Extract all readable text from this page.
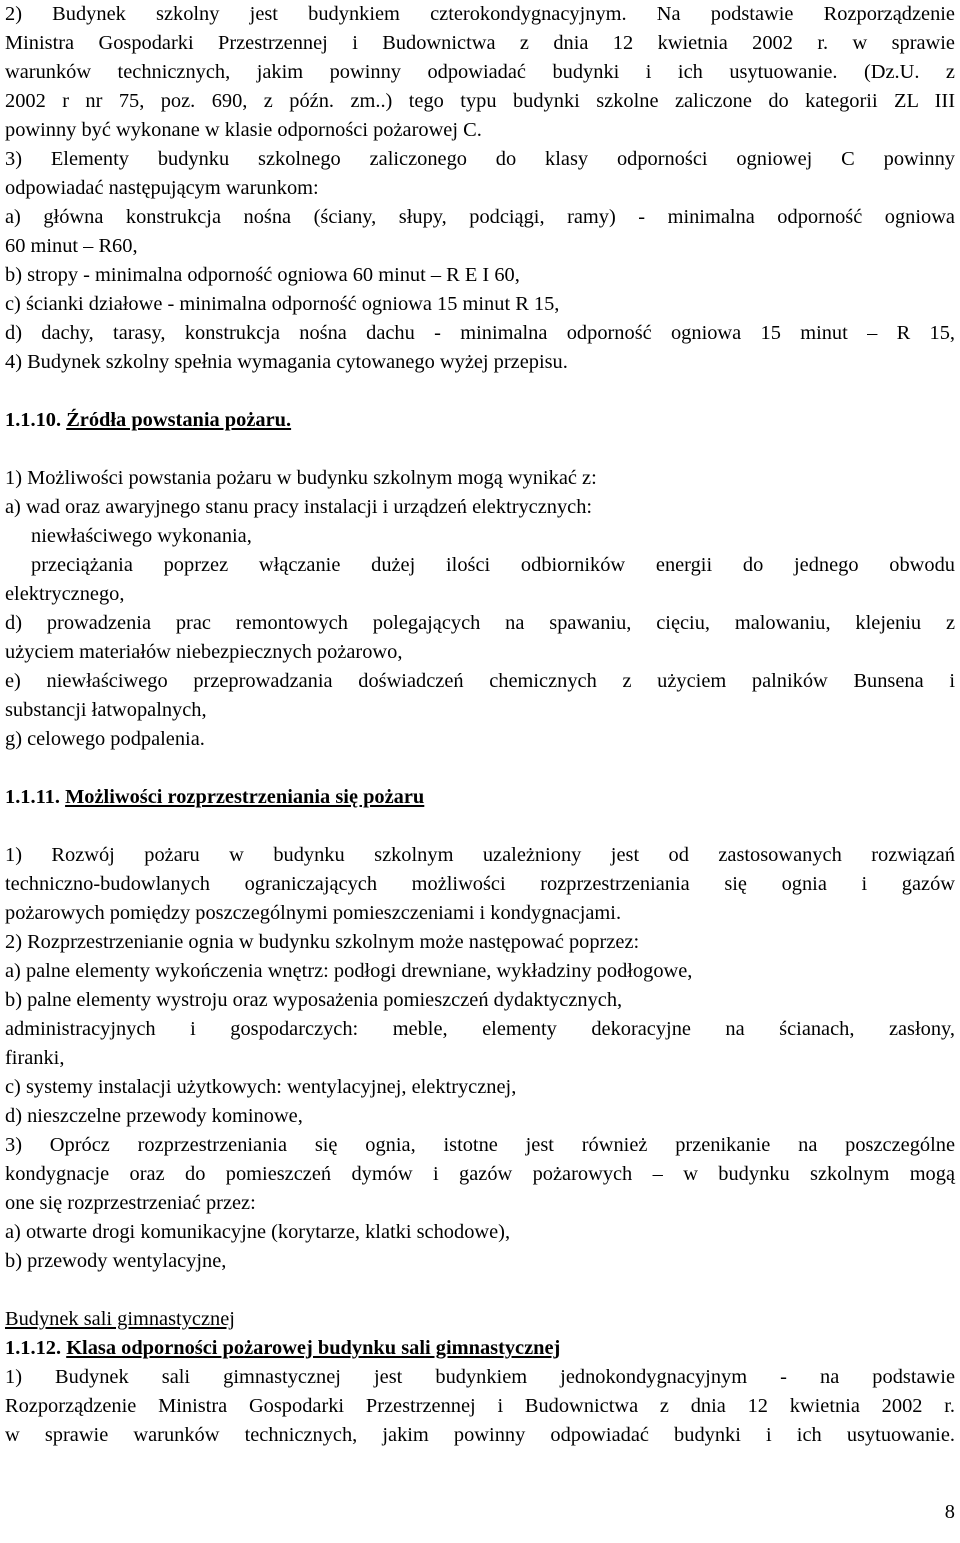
2) Budynek szkolny jest budynkiem czterokondygnacyjnym. Na podstawie Rozporządzenie

Ministra Gospodarki Przestrzennej i Budownictwa z dnia 12 kwietnia 2002 r. w sprawie

warunków technicznych, jakim powinny odpowiadać budynki i ich usytuowanie. (Dz.U. z

2002 r nr 75, poz. 690, z późn. zm..) tego typu budynki szkolne zaliczone do kategorii ZL III

powinny być wykonane w klasie odporności pożarowej C.

3) Elementy budynku szkolnego zaliczonego do klasy odporności ogniowej C powinny

odpowiadać następującym warunkom:

a) główna konstrukcja nośna (ściany, słupy, podciągi, ramy) - minimalna odporność ogniowa

60 minut – R60,

b) stropy - minimalna odporność ogniowa 60 minut – R E I 60,

c) ścianki działowe - minimalna odporność ogniowa 15 minut R 15,

d) dachy, tarasy, konstrukcja nośna dachu - minimalna odporność ogniowa 15 minut – R 15,

4) Budynek szkolny spełnia wymagania cytowanego wyżej przepisu.

1.1.10. Źródła powstania pożaru.

1) Możliwości powstania pożaru w budynku szkolnym mogą wynikać z:

a) wad oraz awaryjnego stanu pracy instalacji i urządzeń elektrycznych:

niewłaściwego wykonania,

przeciążania poprzez włączanie dużej ilości odbiorników energii do jednego obwodu

elektrycznego,

d) prowadzenia prac remontowych polegających na spawaniu, cięciu, malowaniu, klejeniu z

użyciem materiałów niebezpiecznych pożarowo,

e) niewłaściwego przeprowadzania doświadczeń chemicznych z użyciem palników Bunsena i

substancji łatwopalnych,

g) celowego podpalenia.

1.1.11. Możliwości rozprzestrzeniania się pożaru

1) Rozwój pożaru w budynku szkolnym uzależniony jest od zastosowanych rozwiązań

techniczno-budowlanych ograniczających możliwości rozprzestrzeniania się ognia i gazów

pożarowych pomiędzy poszczególnymi pomieszczeniami i kondygnacjami.

2) Rozprzestrzenianie ognia w budynku szkolnym może następować poprzez:

a) palne elementy wykończenia wnętrz: podłogi drewniane, wykładziny podłogowe,

b) palne elementy wystroju oraz wyposażenia pomieszczeń dydaktycznych,

administracyjnych i gospodarczych: meble, elementy dekoracyjne na ścianach, zasłony,

firanki,

c) systemy instalacji użytkowych: wentylacyjnej, elektrycznej,

d) nieszczelne przewody kominowe,

3) Oprócz rozprzestrzeniania się ognia, istotne jest również przenikanie na poszczególne

kondygnacje oraz do pomieszczeń dymów i gazów pożarowych – w budynku szkolnym mogą

one się rozprzestrzeniać przez:

a) otwarte drogi komunikacyjne (korytarze, klatki schodowe),

b) przewody wentylacyjne,

Budynek sali gimnastycznej

1.1.12. Klasa odporności pożarowej budynku sali gimnastycznej

1) Budynek sali gimnastycznej jest budynkiem jednokondygnacyjnym - na podstawie

Rozporządzenie Ministra Gospodarki Przestrzennej i Budownictwa z dnia 12 kwietnia 2002 r.

w sprawie warunków technicznych, jakim powinny odpowiadać budynki i ich usytuowanie.

8
